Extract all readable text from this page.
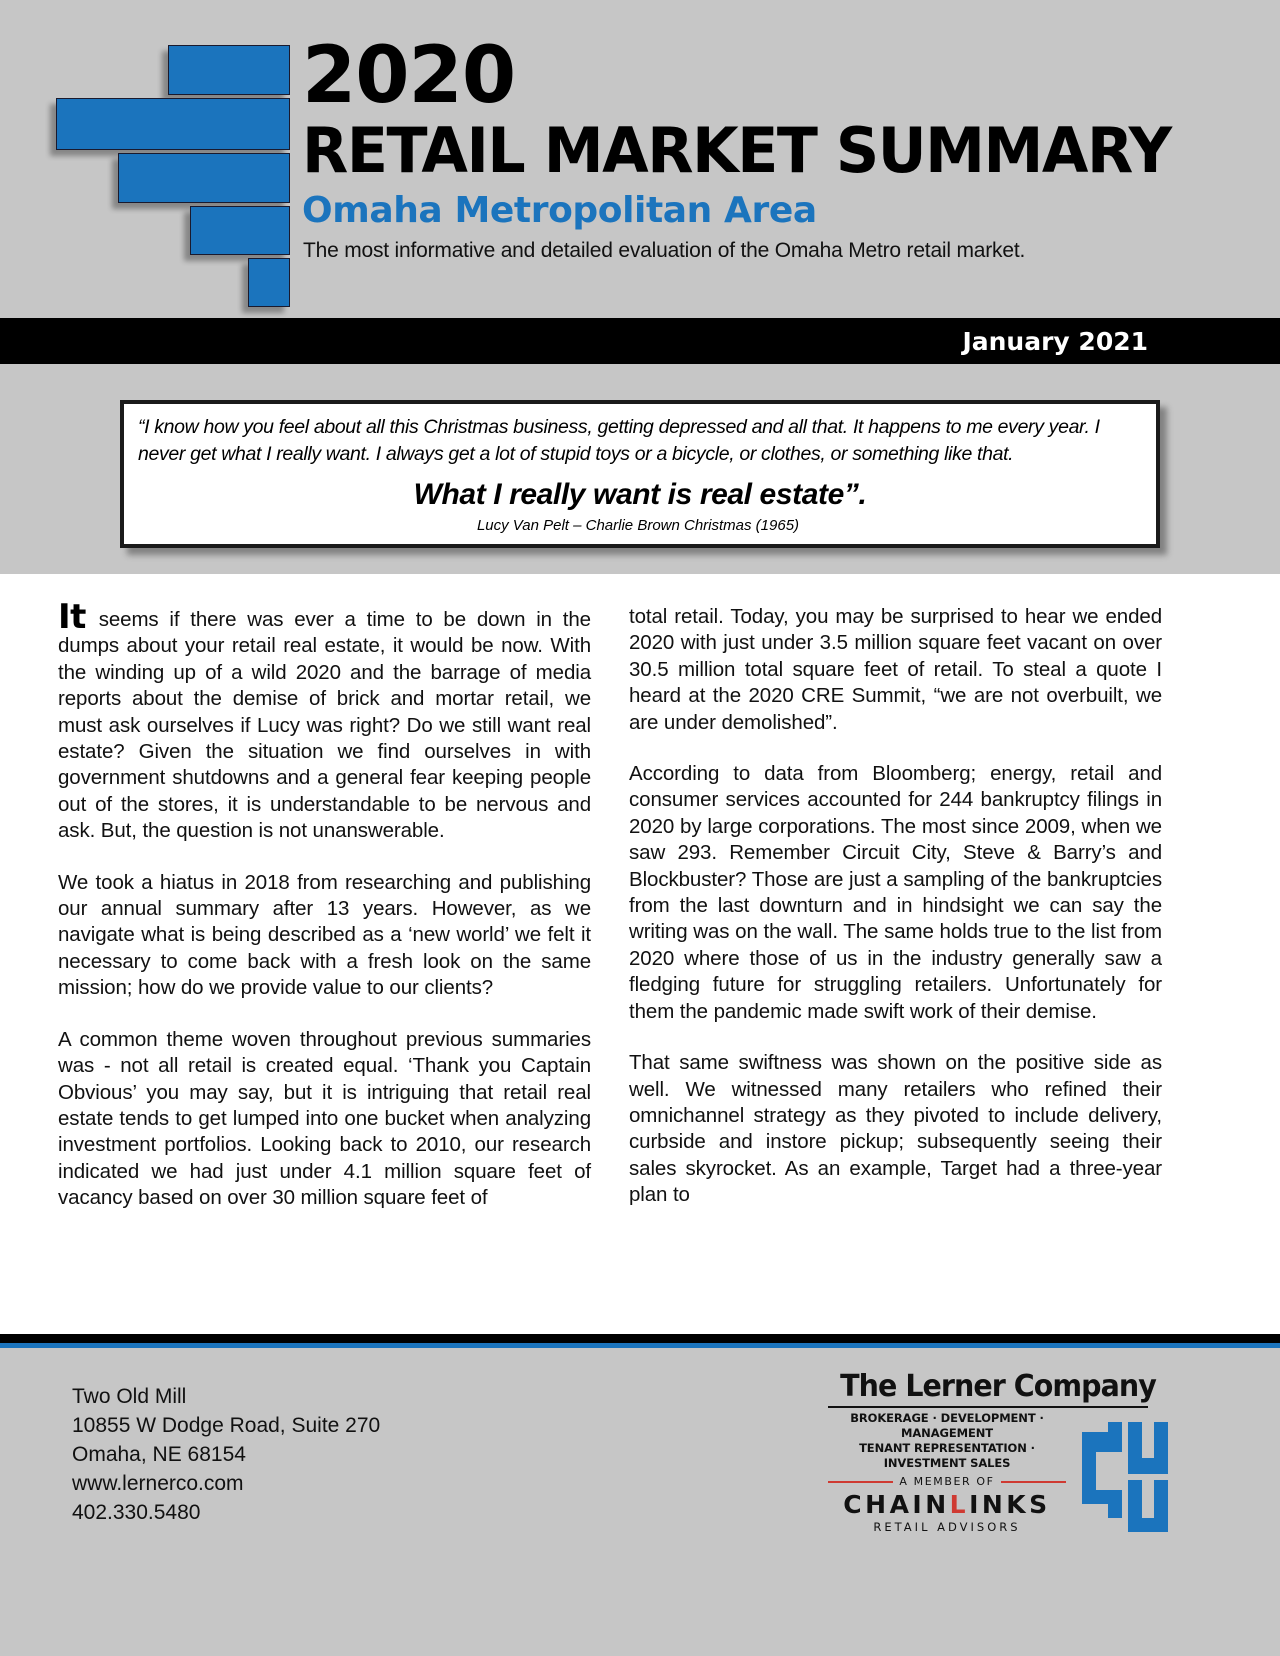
2020
RETAIL MARKET SUMMARY
Omaha Metropolitan Area
The most informative and detailed evaluation of the Omaha Metro retail market.
January 2021
“I know how you feel about all this Christmas business, getting depressed and all that. It happens to me every year. I
never get what I really want. I always get a lot of stupid toys or a bicycle, or clothes, or something like that.
What I really want is real estate”.
Lucy Van Pelt – Charlie Brown Christmas (1965)

It seems if there was ever a time to be down in the dumps about your retail real estate, it would be now. With the winding up of a wild 2020 and the barrage of media reports about the demise of brick and mortar retail, we must ask ourselves if Lucy was right? Do we still want real estate? Given the situation we find ourselves in with government shutdowns and a general fear keeping people out of the stores, it is understandable to be nervous and ask. But, the question is not unanswerable.

We took a hiatus in 2018 from researching and publishing our annual summary after 13 years. However, as we navigate what is being described as a ‘new world’ we felt it necessary to come back with a fresh look on the same mission; how do we provide value to our clients?

A common theme woven throughout previous summaries was - not all retail is created equal. ‘Thank you Captain Obvious’ you may say, but it is intriguing that retail real estate tends to get lumped into one bucket when analyzing investment portfolios. Looking back to 2010, our research indicated we had just under 4.1 million square feet of vacancy based on over 30 million square feet of

total retail. Today, you may be surprised to hear we ended 2020 with just under 3.5 million square feet vacant on over 30.5 million total square feet of retail. To steal a quote I heard at the 2020 CRE Summit, “we are not overbuilt, we are under demolished”.

According to data from Bloomberg; energy, retail and consumer services accounted for 244 bankruptcy filings in 2020 by large corporations. The most since 2009, when we saw 293. Remember Circuit City, Steve & Barry’s and Blockbuster? Those are just a sampling of the bankruptcies from the last downturn and in hindsight we can say the writing was on the wall. The same holds true to the list from 2020 where those of us in the industry generally saw a fledging future for struggling retailers. Unfortunately for them the pandemic made swift work of their demise.

That same swiftness was shown on the positive side as well. We witnessed many retailers who refined their omnichannel strategy as they pivoted to include delivery, curbside and instore pickup; subsequently seeing their sales skyrocket. As an example, Target had a three-year plan to

Two Old Mill
10855 W Dodge Road, Suite 270
Omaha, NE 68154
www.lernerco.com
402.330.5480
The Lerner Company
BROKERAGE · DEVELOPMENT · MANAGEMENT
TENANT REPRESENTATION · INVESTMENT SALES
A MEMBER OF
CHAINLINKS
RETAIL ADVISORS
